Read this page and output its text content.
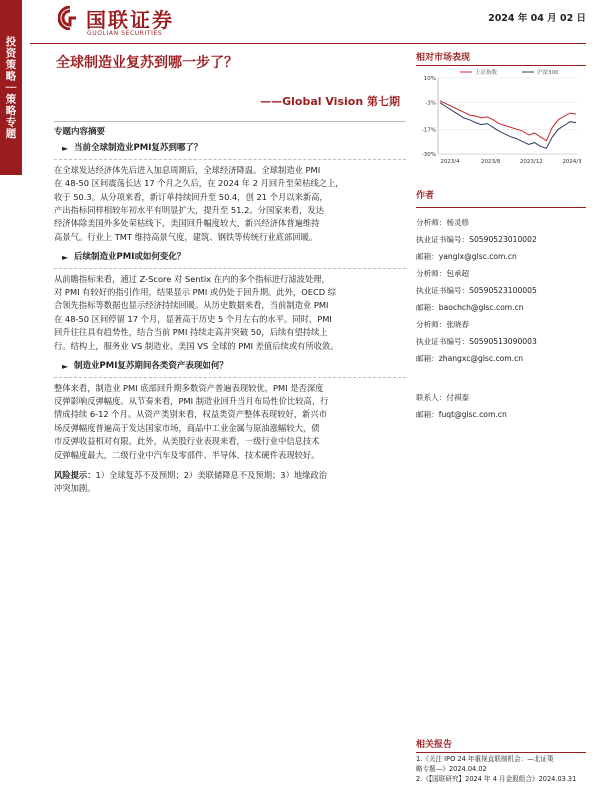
投资策略｜策略专题
国联证券
GUOLIAN SECURITIES
2024 年 04 月 02 日
全球制造业复苏到哪一步了？
——Global Vision 第七期
专题内容摘要
► 当前全球制造业PMI复苏到哪了？
在全球发达经济体先后进入加息周期后，全球经济降温。全球制造业 PMI
在 48-50 区间震荡长达 17 个月之久后，在 2024 年 2 月回升至荣枯线之上，
收于 50.3。从分项来看，新订单持续回升至 50.4，创 21 个月以来新高，
产出指标同样相较年初水平有明显扩大，提升至 51.2。分国家来看，发达
经济体除美国外多处荣枯线下，美国回升幅度较大，新兴经济体普遍维持
高景气。行业上 TMT 维持高景气度，建筑、钢铁等传统行业底部回暖。
► 后续制造业PMI或如何变化？
从前瞻指标来看，通过 Z-Score 对 Sentix 在内的多个指标进行滤波处理，
对 PMI 有较好的指引作用，结果显示 PMI 或仍处于回升期。此外，OECD 综
合领先指标等数据也显示经济持续回暖。从历史数据来看，当前制造业 PMI
在 48-50 区间停留 17 个月，显著高于历史 5 个月左右的水平。同时，PMI
回升往往具有趋势性，结合当前 PMI 持续走高并突破 50，后续有望持续上
行。结构上，服务业 VS 制造业、美国 VS 全球的 PMI 差值后续或有所收敛。
► 制造业PMI复苏期间各类资产表现如何？
整体来看，制造业 PMI 底部回升期多数资产普遍表现较优，PMI 是否深度
反弹影响反弹幅度。从节奏来看，PMI 制造业回升当月布局性价比较高，行
情成持续 6-12 个月。从资产类别来看，权益类资产整体表现较好，新兴市
场反弹幅度普遍高于发达国家市场，商品中工业金属与原油涨幅较大，债
市反弹收益相对有限。此外，从美股行业表现来看，一级行业中信息技术
反弹幅度最大，二级行业中汽车及零部件、半导体、技术硬件表现较好。
风险提示：1）全球复苏不及预期；2）美联储降息不及预期；3）地缘政治
冲突加剧。
相对市场表现
10%
-3%
-17%
-30%
2023/4	2023/8	2023/12	2024/3
上证指数	沪深300
作者
分析师：杨灵修
执业证书编号：S0590523010002
邮箱：yanglx@glsc.com.cn
分析师：包承超
执业证书编号：S0590523100005
邮箱：baochch@glsc.com.cn
分析师：张晓春
执业证书编号：S0590513090003
邮箱：zhangxc@glsc.com.cn
联系人：付祺泰
邮箱：fuqt@glsc.com.cn
相关报告
1.《关注 IPO 24 年重视直联制机会：—北证策
略专题—》2024.04.02
2.《【国联研究】2024 年 4 月金股组合》2024.03.31
